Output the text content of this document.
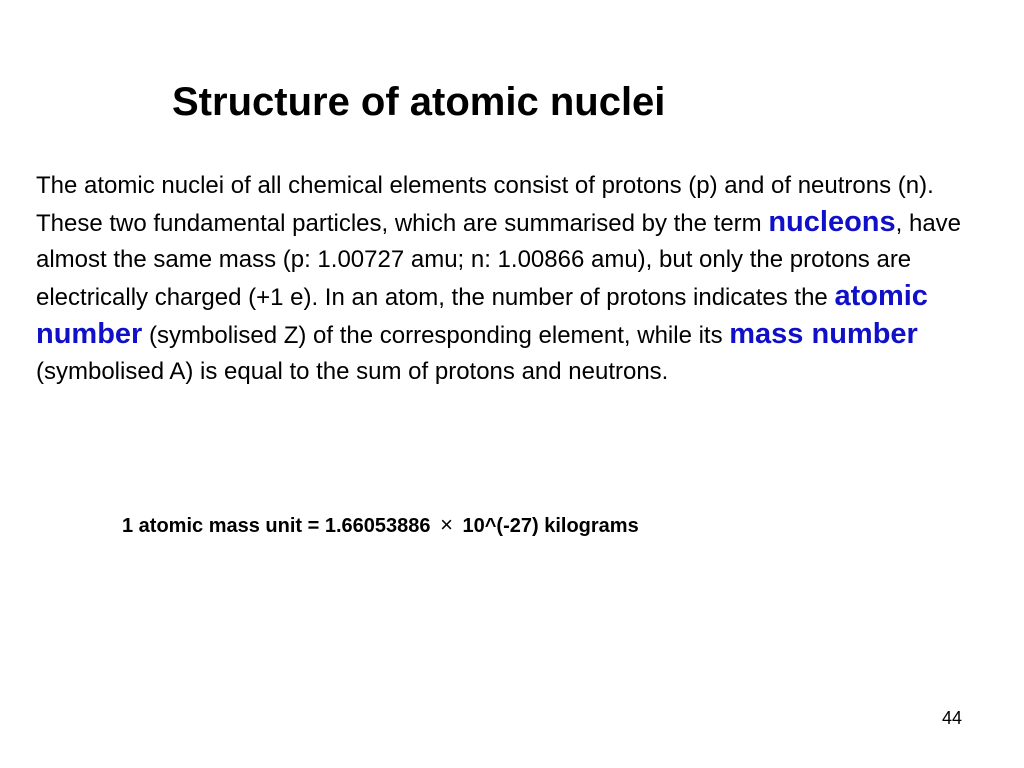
Structure of atomic nuclei

The atomic nuclei of all chemical elements consist of protons (p) and of neutrons (n). These two fundamental particles, which are summarised by the term nucleons, have almost the same mass (p: 1.00727 amu; n: 1.00866 amu), but only the protons are electrically charged (+1 e). In an atom, the number of protons indicates the atomic number (symbolised Z) of the corresponding element, while its mass number (symbolised A) is equal to the sum of protons and neutrons.

1 atomic mass unit = 1.66053886 × 10^(-27) kilograms

44
